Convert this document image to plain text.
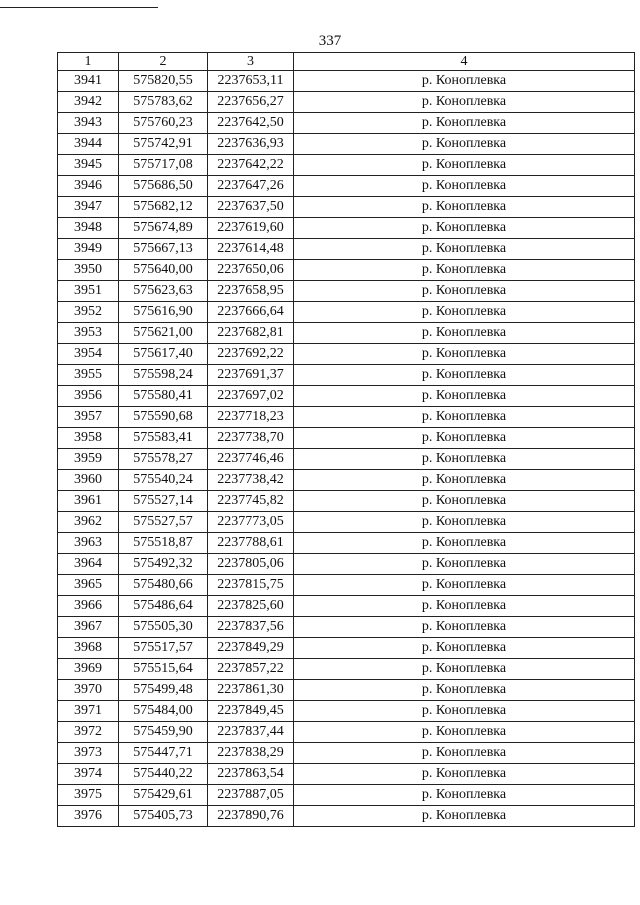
337
1	2	3	4
3941	575820,55	2237653,11	р. Коноплевка
3942	575783,62	2237656,27	р. Коноплевка
3943	575760,23	2237642,50	р. Коноплевка
3944	575742,91	2237636,93	р. Коноплевка
3945	575717,08	2237642,22	р. Коноплевка
3946	575686,50	2237647,26	р. Коноплевка
3947	575682,12	2237637,50	р. Коноплевка
3948	575674,89	2237619,60	р. Коноплевка
3949	575667,13	2237614,48	р. Коноплевка
3950	575640,00	2237650,06	р. Коноплевка
3951	575623,63	2237658,95	р. Коноплевка
3952	575616,90	2237666,64	р. Коноплевка
3953	575621,00	2237682,81	р. Коноплевка
3954	575617,40	2237692,22	р. Коноплевка
3955	575598,24	2237691,37	р. Коноплевка
3956	575580,41	2237697,02	р. Коноплевка
3957	575590,68	2237718,23	р. Коноплевка
3958	575583,41	2237738,70	р. Коноплевка
3959	575578,27	2237746,46	р. Коноплевка
3960	575540,24	2237738,42	р. Коноплевка
3961	575527,14	2237745,82	р. Коноплевка
3962	575527,57	2237773,05	р. Коноплевка
3963	575518,87	2237788,61	р. Коноплевка
3964	575492,32	2237805,06	р. Коноплевка
3965	575480,66	2237815,75	р. Коноплевка
3966	575486,64	2237825,60	р. Коноплевка
3967	575505,30	2237837,56	р. Коноплевка
3968	575517,57	2237849,29	р. Коноплевка
3969	575515,64	2237857,22	р. Коноплевка
3970	575499,48	2237861,30	р. Коноплевка
3971	575484,00	2237849,45	р. Коноплевка
3972	575459,90	2237837,44	р. Коноплевка
3973	575447,71	2237838,29	р. Коноплевка
3974	575440,22	2237863,54	р. Коноплевка
3975	575429,61	2237887,05	р. Коноплевка
3976	575405,73	2237890,76	р. Коноплевка
